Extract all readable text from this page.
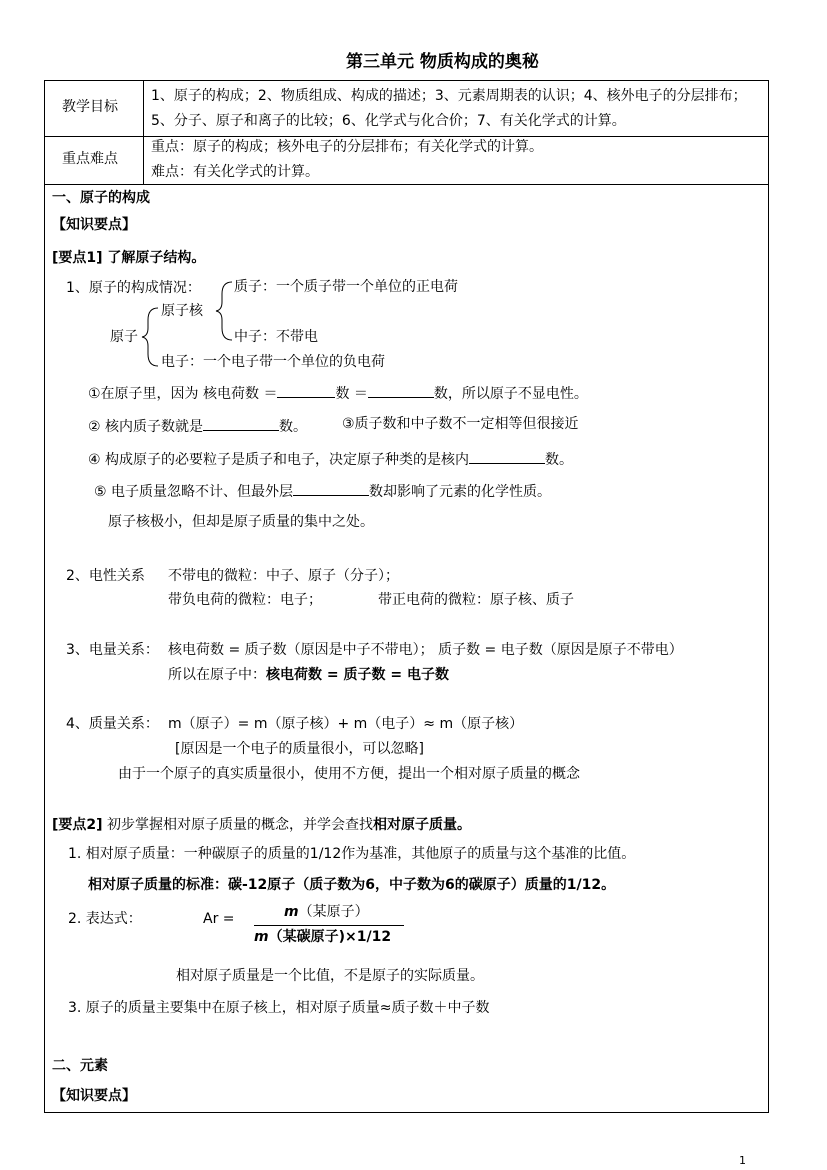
第三单元 物质构成的奥秘
教学目标
1、原子的构成；2、物质组成、构成的描述；3、元素周期表的认识；4、核外电子的分层排布；
5、分子、原子和离子的比较；6、化学式与化合价；7、有关化学式的计算。
重点难点
重点：原子的构成；核外电子的分层排布；有关化学式的计算。
难点：有关化学式的计算。
一、原子的构成
【知识要点】
[要点1] 了解原子结构。
1、原子的构成情况：
原子
原子核
质子：一个质子带一个单位的正电荷
中子：不带电
电子：一个电子带一个单位的负电荷
①在原子里，因为 核电荷数 ＝	数 ＝	数，所以原子不显电性。
② 核内质子数就是	数。 ③质子数和中子数不一定相等但很接近
④ 构成原子的必要粒子是质子和电子，决定原子种类的是核内	数。
⑤ 电子质量忽略不计、但最外层	数却影响了元素的化学性质。
原子核极小，但却是原子质量的集中之处。
2、电性关系 不带电的微粒：中子、原子（分子）；
带负电荷的微粒：电子；	带正电荷的微粒：原子核、质子
3、电量关系： 核电荷数 = 质子数（原因是中子不带电）； 质子数 = 电子数（原因是原子不带电）
所以在原子中：核电荷数 = 质子数 = 电子数
4、质量关系： m（原子）= m（原子核）+ m（电子）≈ m（原子核）
[原因是一个电子的质量很小，可以忽略]
由于一个原子的真实质量很小，使用不方便，提出一个相对原子质量的概念
[要点2] 初步掌握相对原子质量的概念，并学会查找相对原子质量。
1. 相对原子质量：一种碳原子的质量的1/12作为基准，其他原子的质量与这个基准的比值。
相对原子质量的标准：碳-12原子（质子数为6，中子数为6的碳原子）质量的1/12。
2. 表达式：	Ar =	m（某原子）
m（某碳原子)×1/12
相对原子质量是一个比值，不是原子的实际质量。
3. 原子的质量主要集中在原子核上，相对原子质量≈质子数＋中子数
二、元素
【知识要点】
1
